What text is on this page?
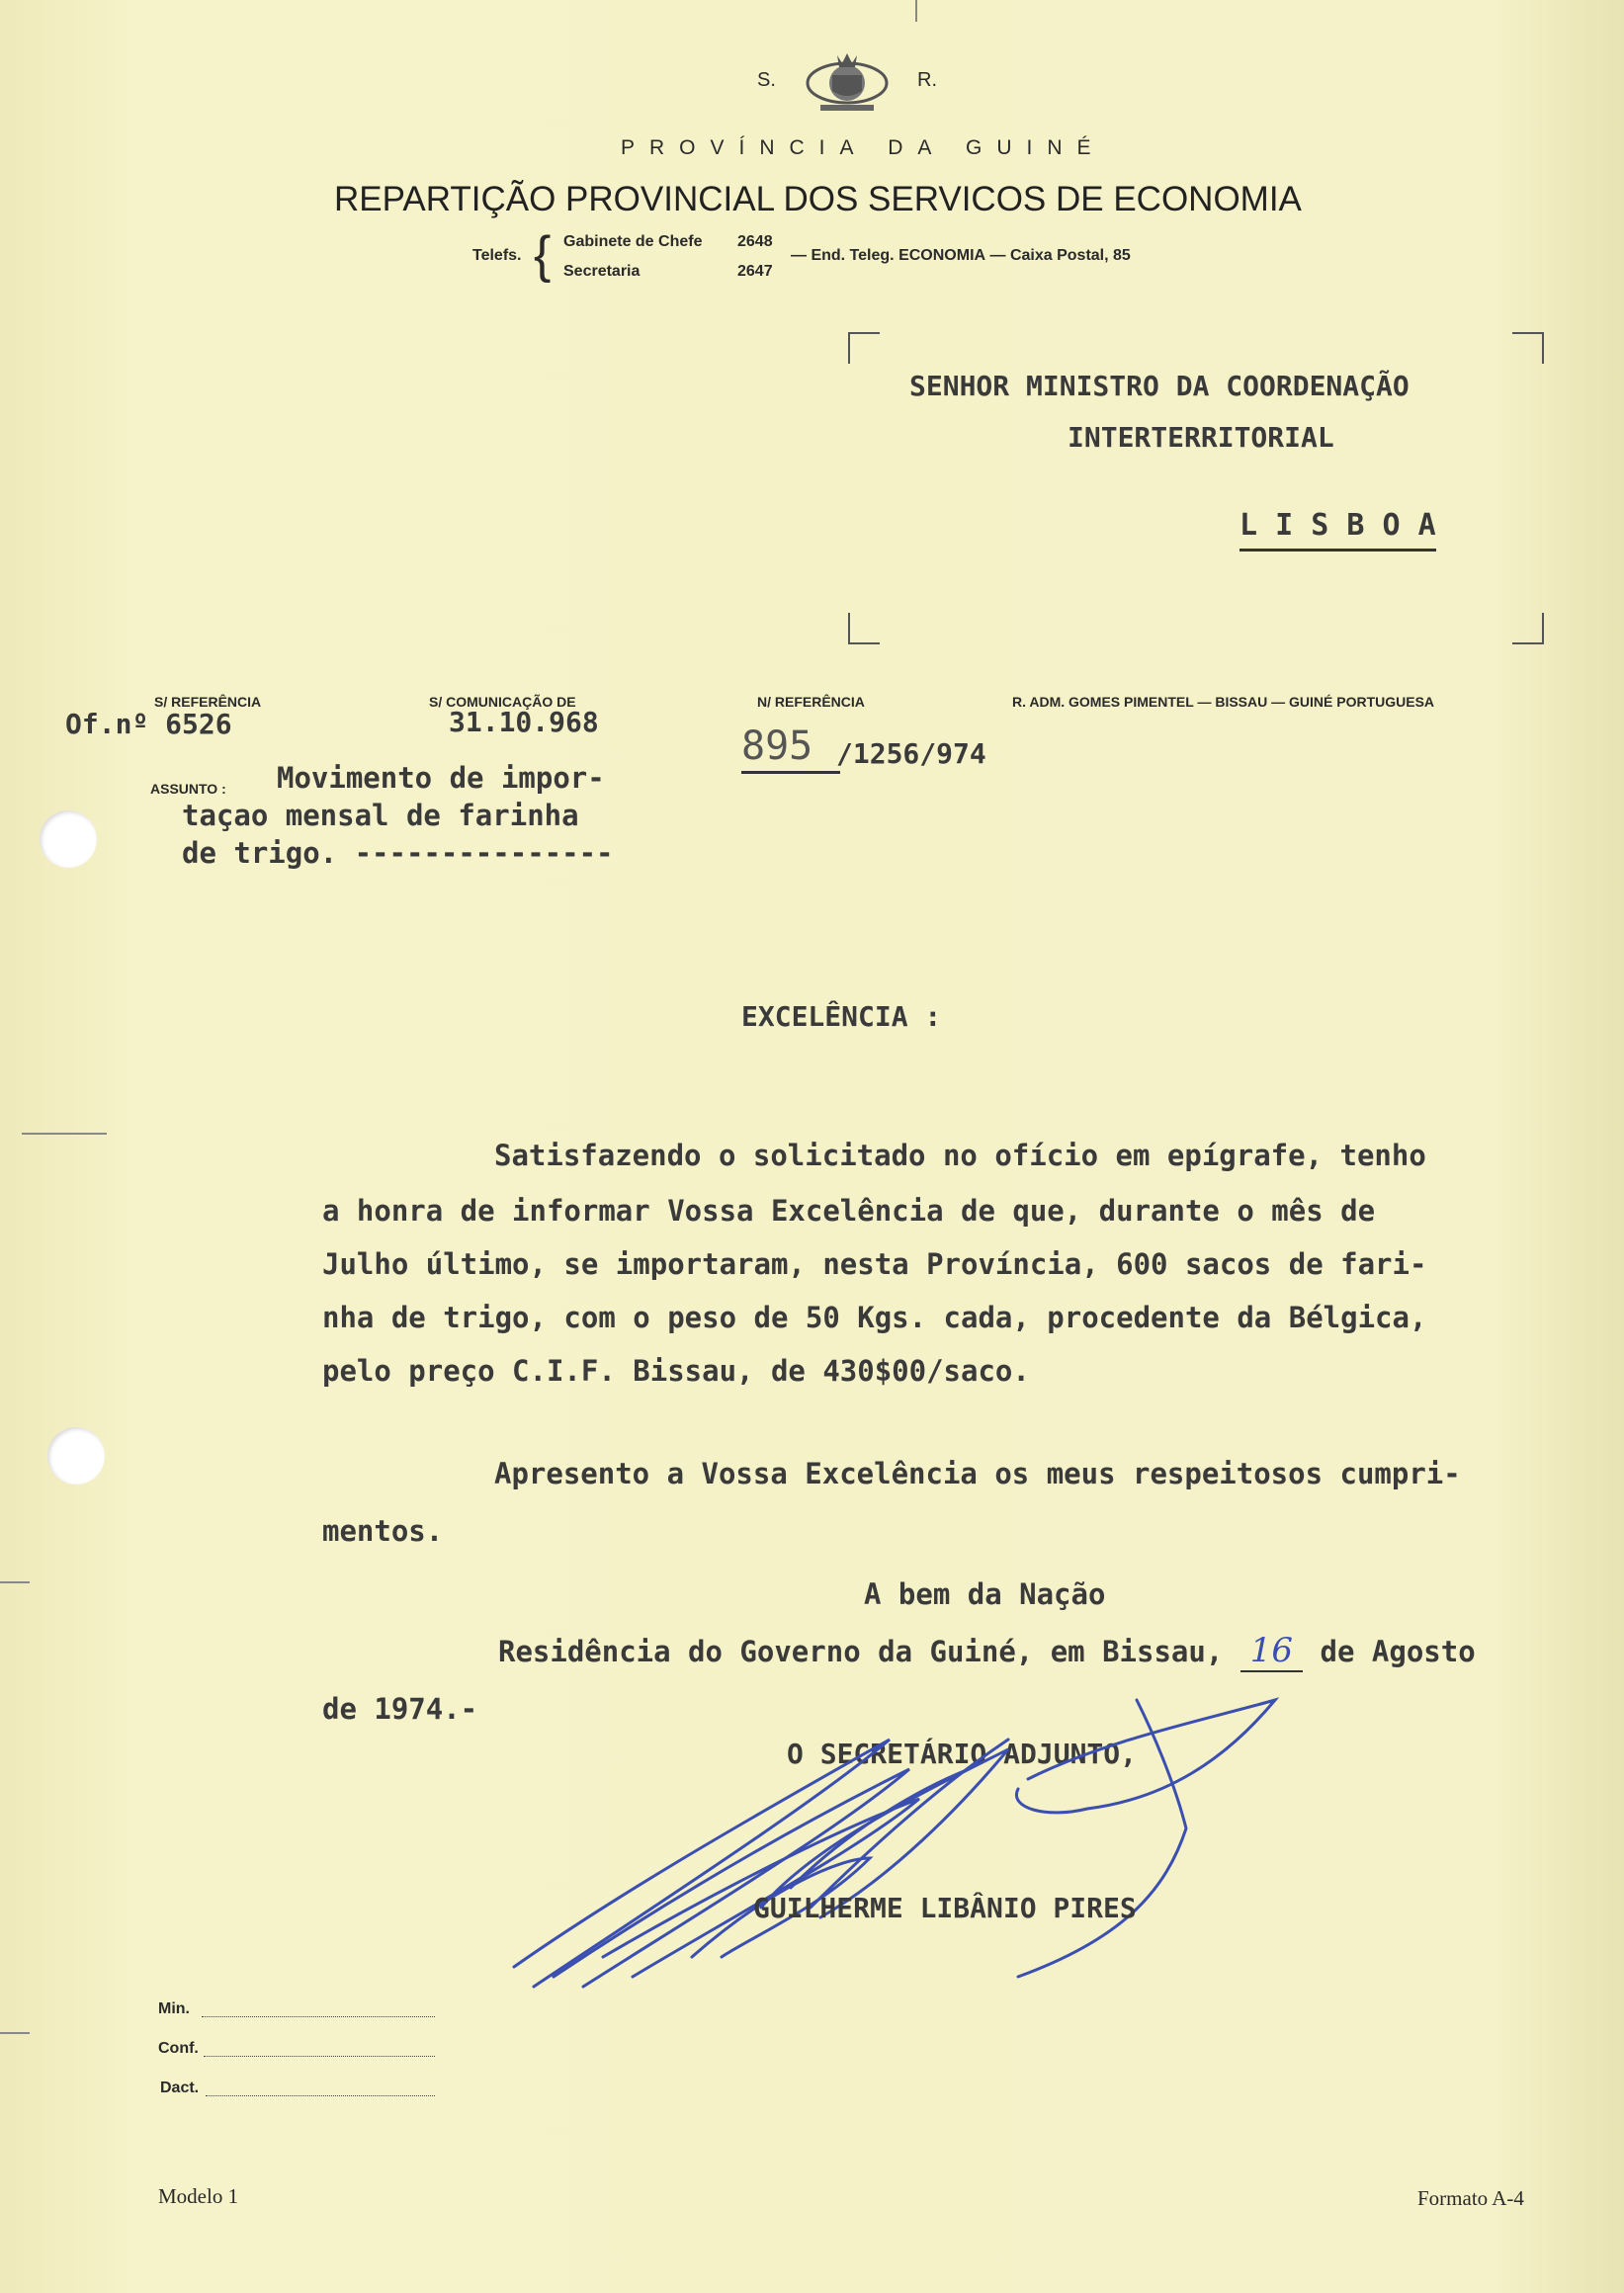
S.	R.
PROVÍNCIA DA GUINÉ
REPARTIÇÃO PROVINCIAL DOS SERVICOS DE ECONOMIA
Telefs. { Gabinete de Chefe 2648
Secretaria	2647
— End. Teleg. ECONOMIA — Caixa Postal, 85
SENHOR MINISTRO DA COORDENAÇÃO
INTERTERRITORIAL
L I S B O A
S/ REFERÊNCIA	S/ COMUNICAÇÃO DE	N/ REFERÊNCIA	R. ADM. GOMES PIMENTEL — BISSAU — GUINÉ PORTUGUESA
Of.nº 6526	31.10.968
895 /1256/974
ASSUNTO : Movimento de impor-
taçao mensal de farinha
de trigo. ---------------
EXCELÊNCIA :
Satisfazendo o solicitado no ofício em epígrafe, tenho
a honra de informar Vossa Excelência de que, durante o mês de
Julho último, se importaram, nesta Província, 600 sacos de fari-
nha de trigo, com o peso de 50 Kgs. cada, procedente da Bélgica,
pelo preço C.I.F. Bissau, de 430$00/saco.
Apresento a Vossa Excelência os meus respeitosos cumpri-
mentos.
A bem da Nação
Residência do Governo da Guiné, em Bissau, 16 de Agosto
de 1974.-
O SECRETÁRIO ADJUNTO,
GUILHERME LIBÂNIO PIRES
Min.
Conf.
Dact.
Modelo 1	Formato A-4
